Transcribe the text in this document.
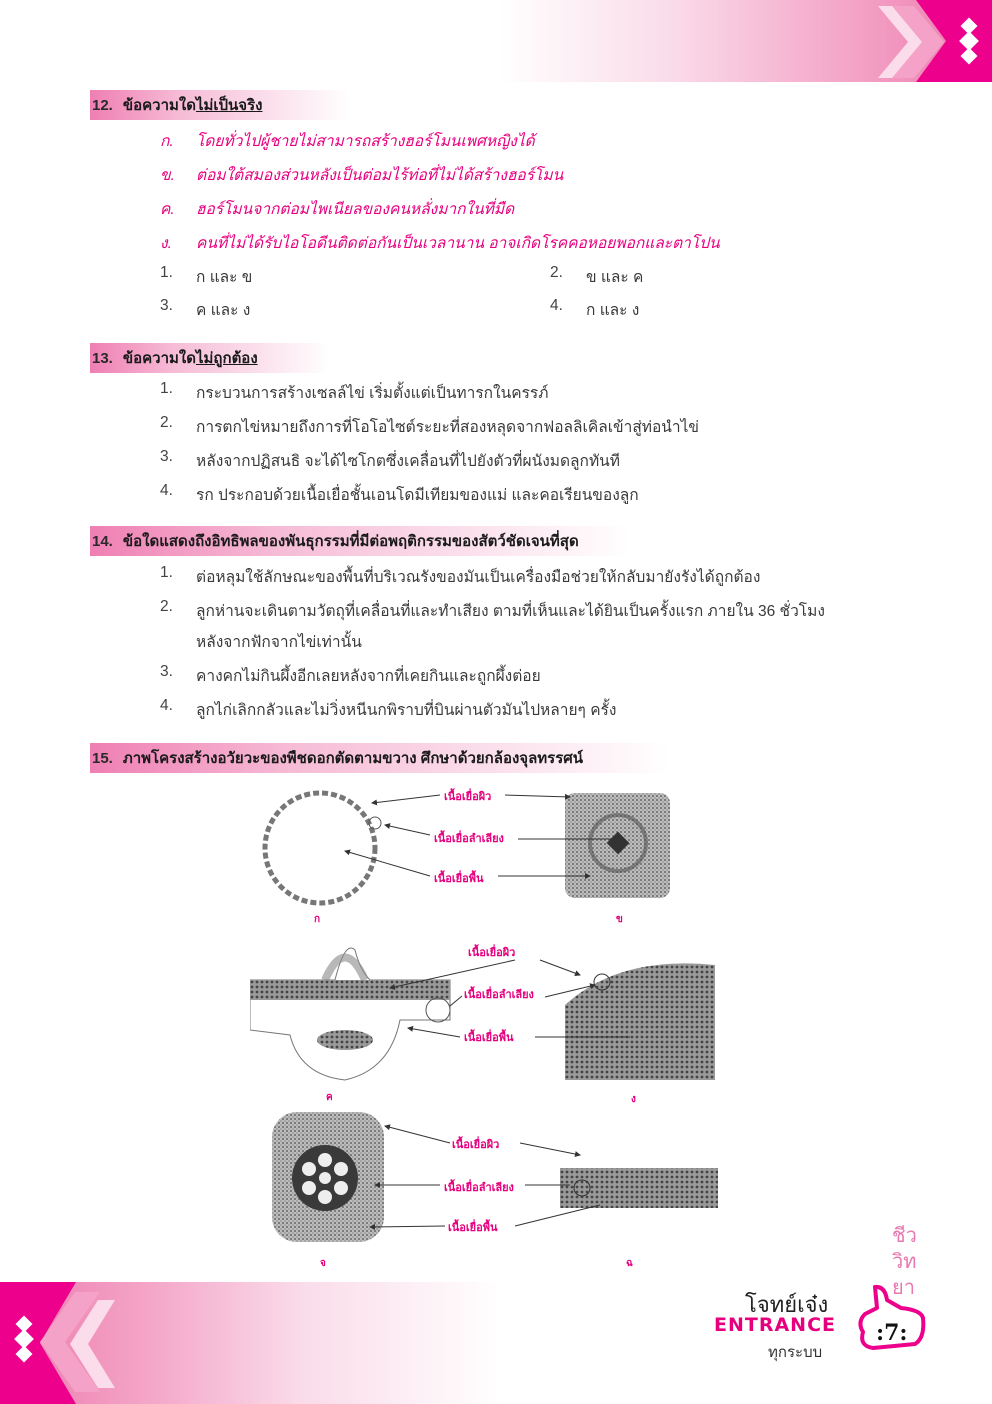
12. ข้อความใดไม่เป็นจริง
ก.	โดยทั่วไปผู้ชายไม่สามารถสร้างฮอร์โมนเพศหญิงได้
ข.	ต่อมใต้สมองส่วนหลังเป็นต่อมไร้ท่อที่ไม่ได้สร้างฮอร์โมน
ค.	ฮอร์โมนจากต่อมไพเนียลของคนหลั่งมากในที่มืด
ง.	คนที่ไม่ได้รับไอโอดีนติดต่อกันเป็นเวลานาน อาจเกิดโรคคอหอยพอกและตาโปน
1.	ก และ ข	2.	ข และ ค
3.	ค และ ง	4.	ก และ ง
13. ข้อความใดไม่ถูกต้อง
1.	กระบวนการสร้างเซลล์ไข่ เริ่มตั้งแต่เป็นทารกในครรภ์
2.	การตกไข่หมายถึงการที่โอโอไซต์ระยะที่สองหลุดจากฟอลลิเคิลเข้าสู่ท่อนำไข่
3.	หลังจากปฏิสนธิ จะได้ไซโกตซึ่งเคลื่อนที่ไปยังตัวที่ผนังมดลูกทันที
4.	รก ประกอบด้วยเนื้อเยื่อชั้นเอนโดมีเทียมของแม่ และคอเรียนของลูก
14. ข้อใดแสดงถึงอิทธิพลของพันธุกรรมที่มีต่อพฤติกรรมของสัตว์ชัดเจนที่สุด
1.	ต่อหลุมใช้ลักษณะของพื้นที่บริเวณรังของมันเป็นเครื่องมือช่วยให้กลับมายังรังได้ถูกต้อง
2.	ลูกห่านจะเดินตามวัตถุที่เคลื่อนที่และทำเสียง ตามที่เห็นและได้ยินเป็นครั้งแรก ภายใน 36 ชั่วโมง
หลังจากฟักจากไข่เท่านั้น
3.	คางคกไม่กินผึ้งอีกเลยหลังจากที่เคยกินและถูกผึ้งต่อย
4.	ลูกไก่เลิกกลัวและไม่วิ่งหนีนกพิราบที่บินผ่านตัวมันไปหลายๆ ครั้ง
15. ภาพโครงสร้างอวัยวะของพืชดอกตัดตามขวาง ศึกษาด้วยกล้องจุลทรรศน์
เนื้อเยื่อผิว
เนื้อเยื่อลำเลียง
เนื้อเยื่อพื้น
ก	ข
เนื้อเยื่อผิว
เนื้อเยื่อลำเลียง
เนื้อเยื่อพื้น
ค	ง
เนื้อเยื่อผิว
เนื้อเยื่อลำเลียง
เนื้อเยื่อพื้น
จ	ฉ
ชีว
วิท
ยา
:7:
โจทย์เจ๋ง
ENTRANCE
ทุกระบบ
